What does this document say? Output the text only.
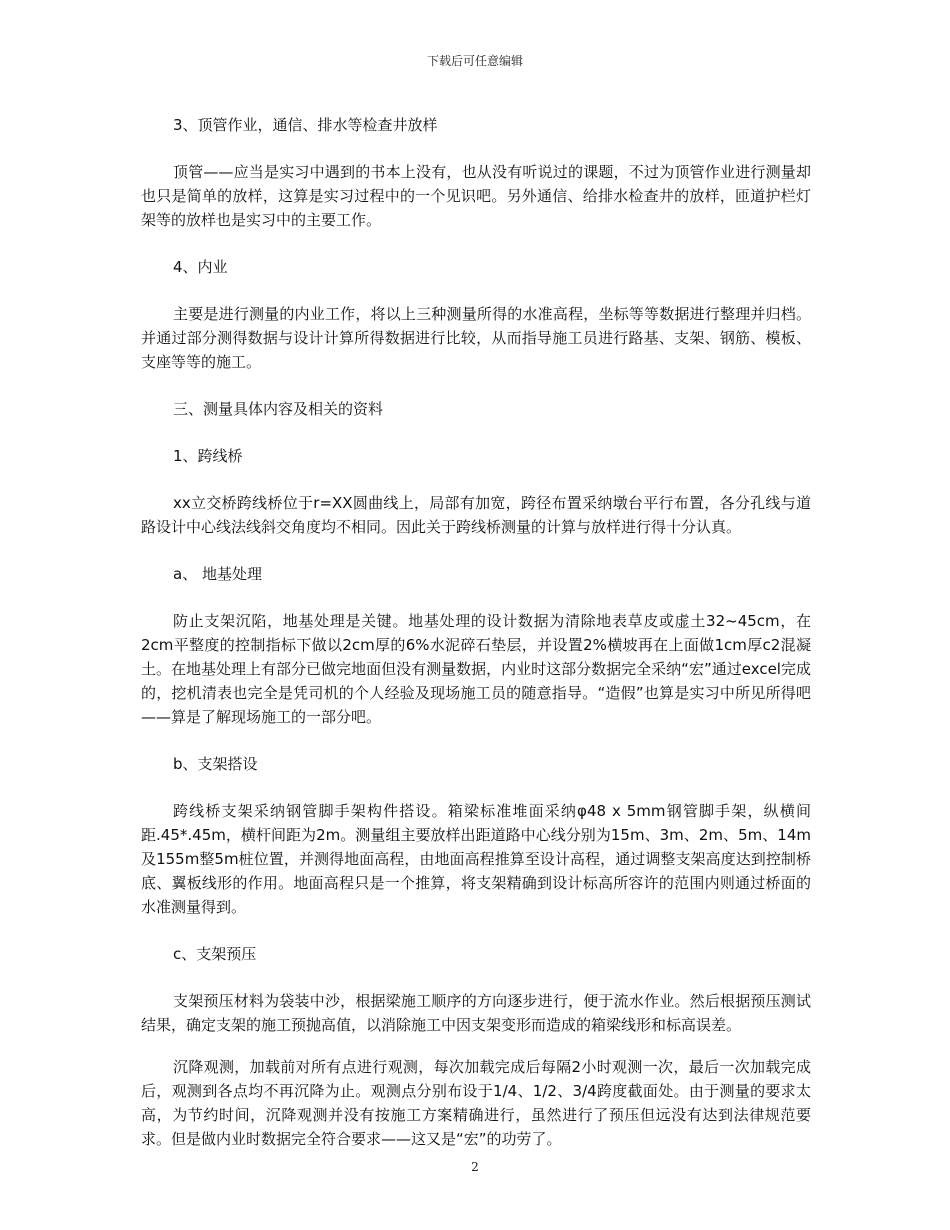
下载后可任意编辑

3、顶管作业，通信、排水等检查井放样

顶管——应当是实习中遇到的书本上没有，也从没有听说过的课题，不过为顶管作业进行测量却也只是简单的放样，这算是实习过程中的一个见识吧。另外通信、给排水检查井的放样，匝道护栏灯架等的放样也是实习中的主要工作。

4、内业

主要是进行测量的内业工作，将以上三种测量所得的水准高程，坐标等等数据进行整理并归档。并通过部分测得数据与设计计算所得数据进行比较，从而指导施工员进行路基、支架、钢筋、模板、支座等等的施工。

三、测量具体内容及相关的资料

1、跨线桥

xx立交桥跨线桥位于r=XX圆曲线上，局部有加宽，跨径布置采纳墩台平行布置，各分孔线与道路设计中心线法线斜交角度均不相同。因此关于跨线桥测量的计算与放样进行得十分认真。

a、 地基处理

防止支架沉陷，地基处理是关键。地基处理的设计数据为清除地表草皮或虚土32~45cm，在2cm平整度的控制指标下做以2cm厚的6%水泥碎石垫层，并设置2%横坡再在上面做1cm厚c2混凝土。在地基处理上有部分已做完地面但没有测量数据，内业时这部分数据完全采纳“宏”通过excel完成的，挖机清表也完全是凭司机的个人经验及现场施工员的随意指导。“造假”也算是实习中所见所得吧——算是了解现场施工的一部分吧。

b、支架搭设

跨线桥支架采纳钢管脚手架构件搭设。箱梁标准堆面采纳φ48 x 5mm钢管脚手架，纵横间距.45*.45m，横杆间距为2m。测量组主要放样出距道路中心线分别为15m、3m、2m、5m、14m及155m整5m桩位置，并测得地面高程，由地面高程推算至设计高程，通过调整支架高度达到控制桥底、翼板线形的作用。地面高程只是一个推算，将支架精确到设计标高所容许的范围内则通过桥面的水准测量得到。

c、支架预压

支架预压材料为袋装中沙，根据梁施工顺序的方向逐步进行，便于流水作业。然后根据预压测试结果，确定支架的施工预抛高值，以消除施工中因支架变形而造成的箱梁线形和标高误差。

沉降观测，加载前对所有点进行观测，每次加载完成后每隔2小时观测一次，最后一次加载完成后，观测到各点均不再沉降为止。观测点分别布设于1/4、1/2、3/4跨度截面处。由于测量的要求太高，为节约时间，沉降观测并没有按施工方案精确进行，虽然进行了预压但远没有达到法律规范要求。但是做内业时数据完全符合要求——这又是“宏”的功劳了。

2
